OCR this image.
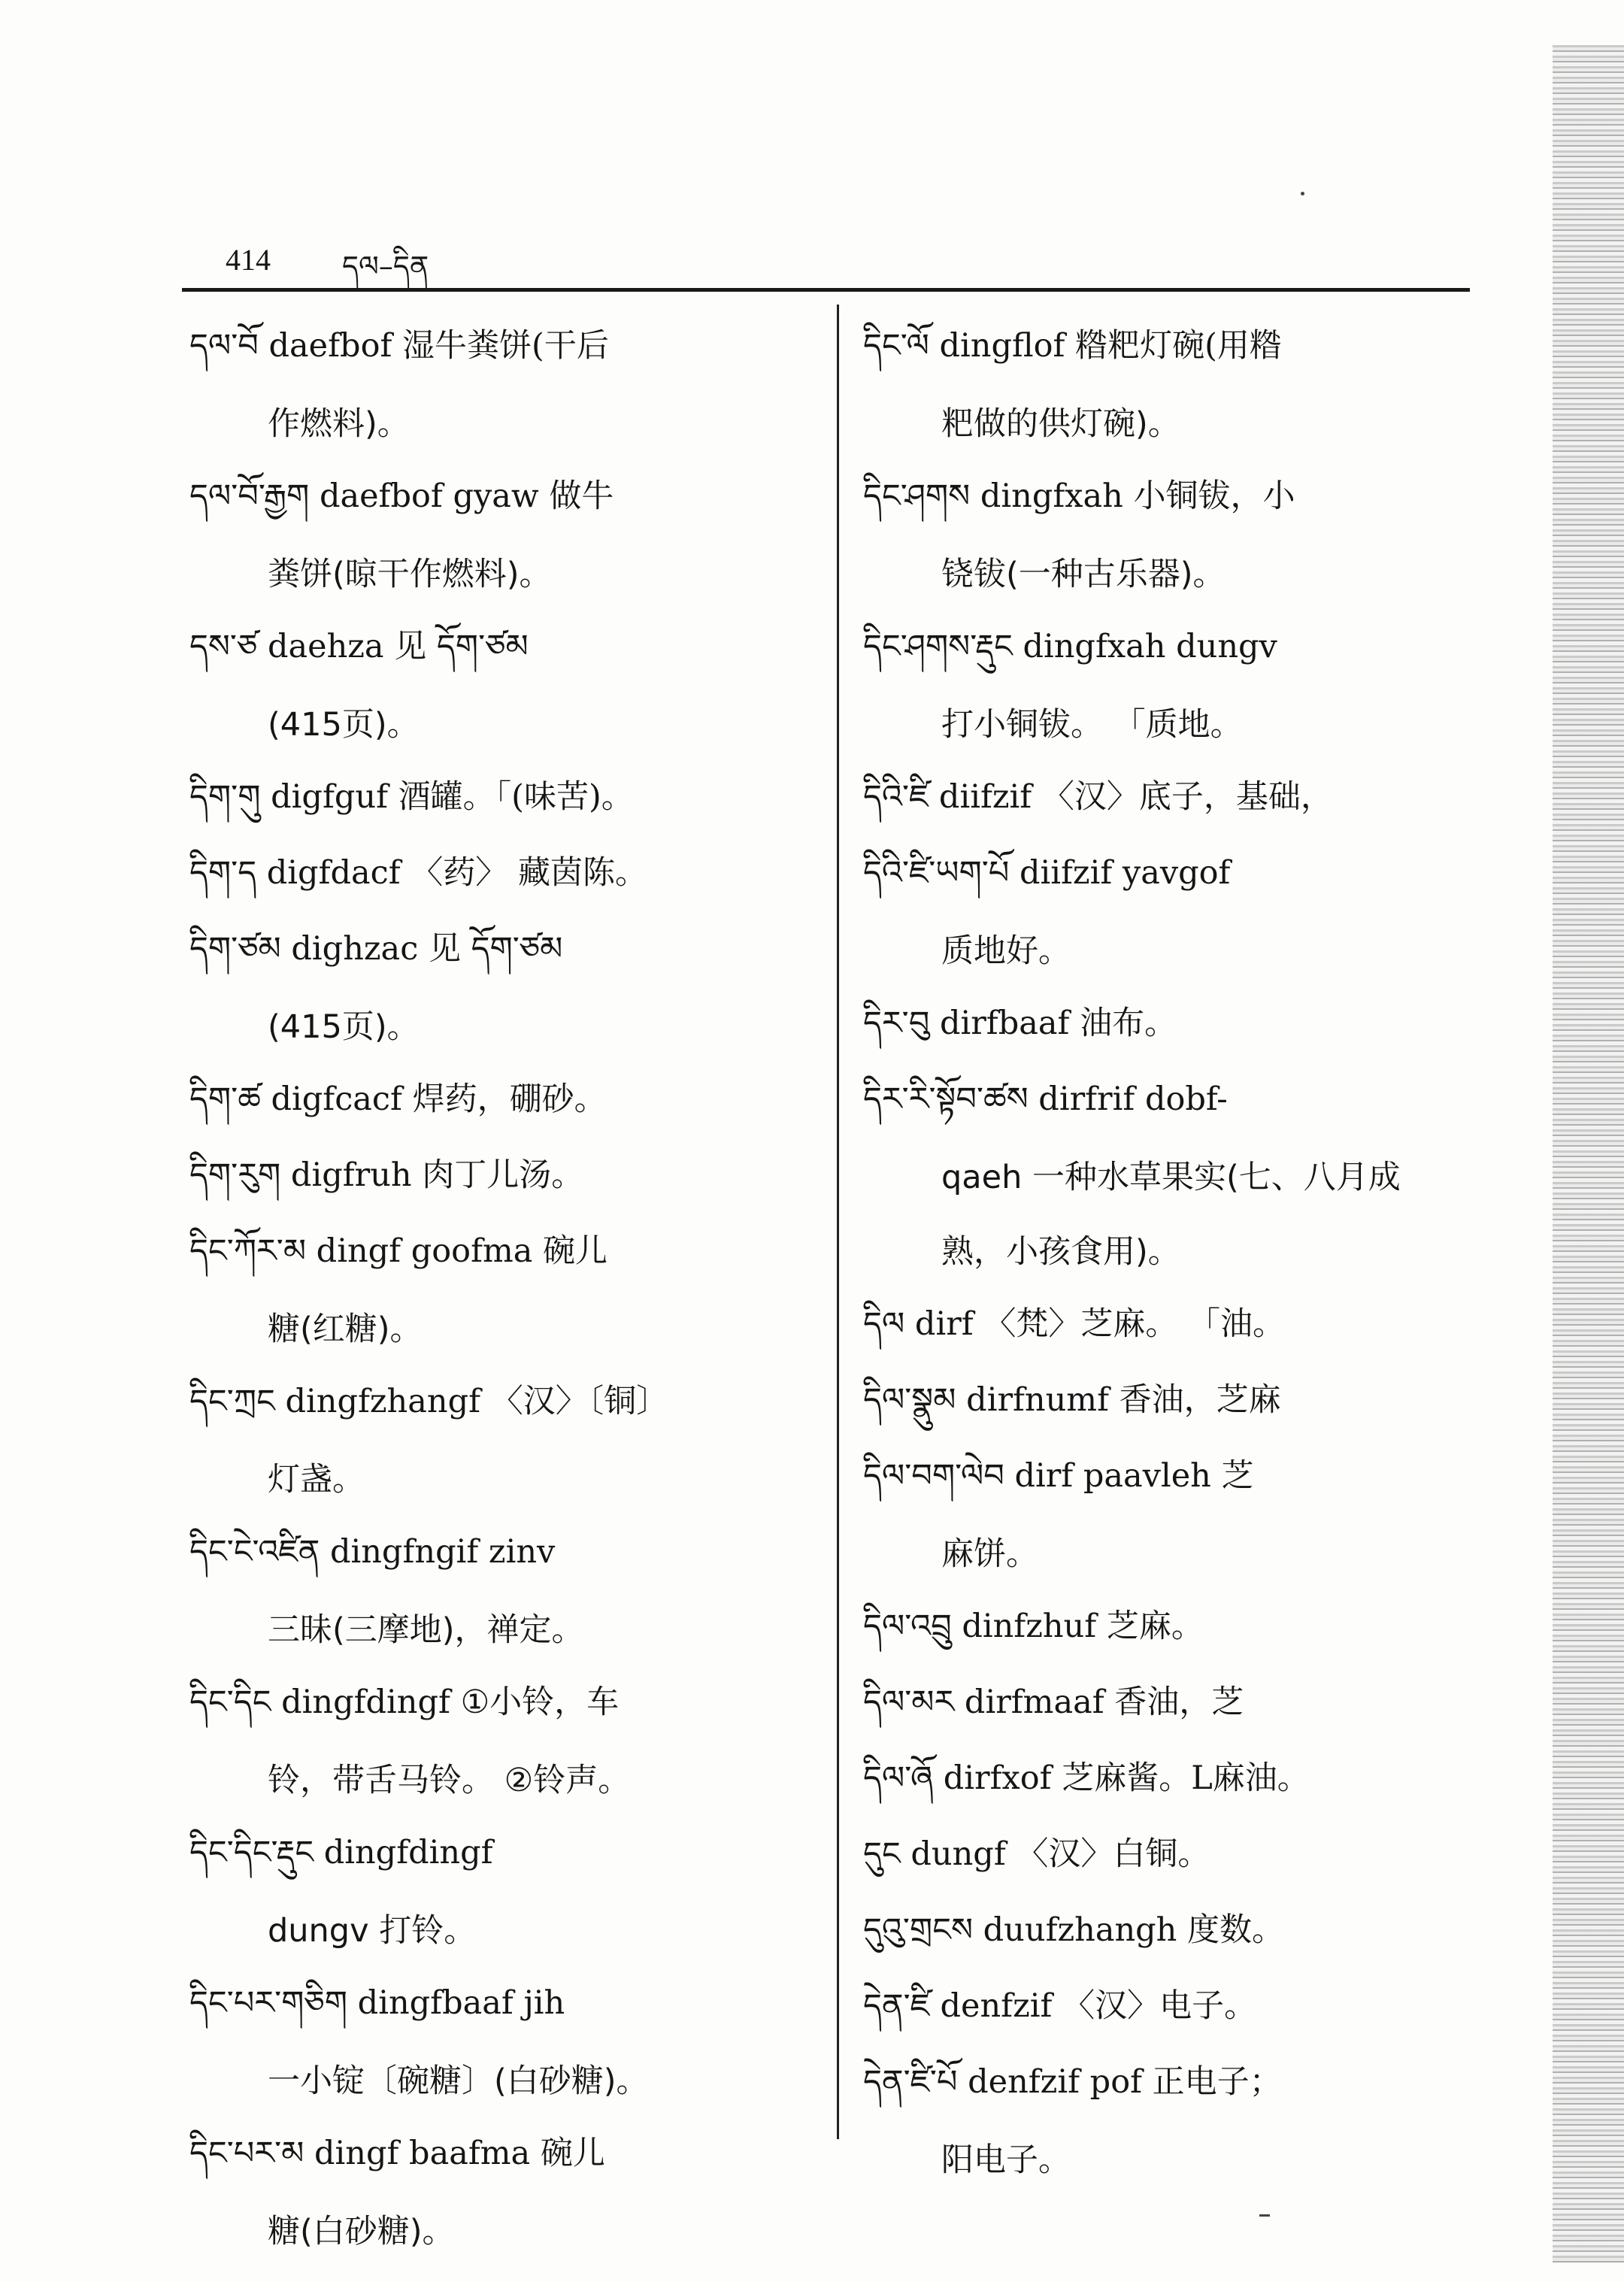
414	དལ–དིན
དལ་བོ daefbof 湿牛粪饼(干后
作燃料)。
དལ་བོ་རྒྱག daefbof gyaw 做牛
粪饼(晾干作燃料)。
དས་ཙ daehza 见 དོག་ཙམ
(415页)。
དིག་གུ digfguf 酒罐。「(味苦)。
དིག་ད digfdacf 〈药〉 藏茵陈。
དིག་ཙམ dighzac 见 དོག་ཙམ
(415页)。
དིག་ཚ digfcacf 焊药，硼砂。
དིག་རུག digfruh 肉丁儿汤。
དིང་ཀོར་མ dingf goofma 碗儿
糖(红糖)。
དིང་ཀྲང dingfzhangf 〈汉〉〔铜〕
灯盏。
དིང་ངེ་འཛིན dingfngif zinv
三昧(三摩地)，禅定。
དིང་དིང dingfdingf ①小铃，车
铃，带舌马铃。 ②铃声。
དིང་དིང་རྡུང dingfdingf
dungv 打铃。
དིང་པར་གཅིག dingfbaaf jih
一小锭〔碗糖〕(白砂糖)。
དིང་པར་མ dingf baafma 碗儿
糖(白砂糖)。
དིང་ལོ dingflof 糌粑灯碗(用糌
粑做的供灯碗)。
དིང་ཤགས dingfxah 小铜钹，小
铙钹(一种古乐器)。
དིང་ཤགས་རྡུང dingfxah dungv
打小铜钹。 「质地。
དིའི་ཛི diifzif 〈汉〉底子，基础，
དིའི་ཛི་ཡག་པོ diifzif yavgof
质地好。
དིར་བུ dirfbaaf 油布。
དིར་རི་སྟོབ་ཚས dirfrif dobf-
qaeh 一种水草果实(七、八月成
熟，小孩食用)。
དིལ dirf 〈梵〉芝麻。 「油。
དིལ་སྣུམ dirfnumf 香油，芝麻
དིལ་བག་ལེབ dirf paavleh 芝
麻饼。
དིལ་འབྲུ dinfzhuf 芝麻。
དིལ་མར dirfmaaf 香油，芝
དིལ་ཞོ dirfxof 芝麻酱。L麻油。
དུང dungf 〈汉〉白铜。
དུའུ་གྲངས duufzhangh 度数。
དེན་ཛི denfzif 〈汉〉电子。
དེན་ཛི་པོ denfzif pof 正电子；
阳电子。
